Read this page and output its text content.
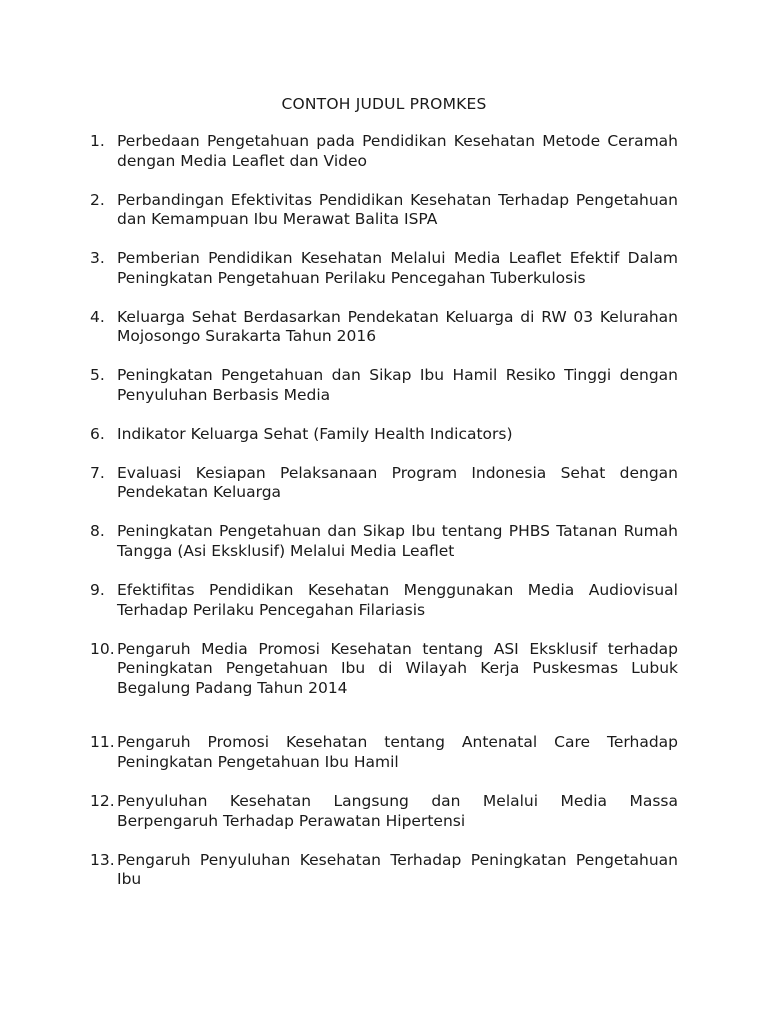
CONTOH JUDUL PROMKES
1. Perbedaan Pengetahuan pada Pendidikan Kesehatan Metode Ceramah dengan Media Leaflet dan Video
2. Perbandingan Efektivitas Pendidikan Kesehatan Terhadap Pengetahuan dan Kemampuan Ibu Merawat Balita ISPA
3. Pemberian Pendidikan Kesehatan Melalui Media Leaflet Efektif Dalam Peningkatan Pengetahuan Perilaku Pencegahan Tuberkulosis
4. Keluarga Sehat Berdasarkan Pendekatan Keluarga di RW 03 Kelurahan Mojosongo Surakarta Tahun 2016
5. Peningkatan Pengetahuan dan Sikap Ibu Hamil Resiko Tinggi dengan Penyuluhan Berbasis Media
6. Indikator Keluarga Sehat (Family Health Indicators)
7. Evaluasi Kesiapan Pelaksanaan Program Indonesia Sehat dengan Pendekatan Keluarga
8. Peningkatan Pengetahuan dan Sikap Ibu tentang PHBS Tatanan Rumah Tangga (Asi Eksklusif) Melalui Media Leaflet
9. Efektifitas Pendidikan Kesehatan Menggunakan Media Audiovisual Terhadap Perilaku Pencegahan Filariasis
10. Pengaruh Media Promosi Kesehatan tentang ASI Eksklusif terhadap Peningkatan Pengetahuan Ibu di Wilayah Kerja Puskesmas Lubuk Begalung Padang Tahun 2014
11. Pengaruh Promosi Kesehatan tentang Antenatal Care Terhadap Peningkatan Pengetahuan Ibu Hamil
12. Penyuluhan Kesehatan Langsung dan Melalui Media Massa Berpengaruh Terhadap Perawatan Hipertensi
13. Pengaruh Penyuluhan Kesehatan Terhadap Peningkatan Pengetahuan Ibu
